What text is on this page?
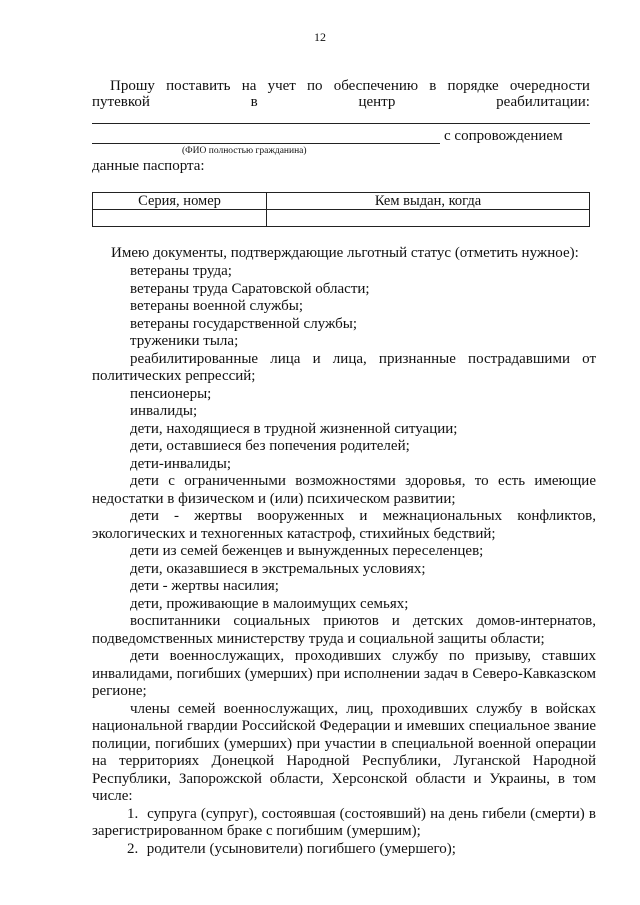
12
Прошу поставить на учет по обеспечению в порядке очередности
путевкой	в	центр	реабилитации:
с сопровождением
(ФИО полностью гражданина)
данные паспорта:
Серия, номер	Кем выдан, когда

Имею документы, подтверждающие льготный статус (отметить нужное):
ветераны труда;
ветераны труда Саратовской области;
ветераны военной службы;
ветераны государственной службы;
труженики тыла;
реабилитированные лица и лица, признанные пострадавшими от политических репрессий;
пенсионеры;
инвалиды;
дети, находящиеся в трудной жизненной ситуации;
дети, оставшиеся без попечения родителей;
дети-инвалиды;
дети с ограниченными возможностями здоровья, то есть имеющие недостатки в физическом и (или) психическом развитии;
дети - жертвы вооруженных и межнациональных конфликтов, экологических и техногенных катастроф, стихийных бедствий;
дети из семей беженцев и вынужденных переселенцев;
дети, оказавшиеся в экстремальных условиях;
дети - жертвы насилия;
дети, проживающие в малоимущих семьях;
воспитанники социальных приютов и детских домов-интернатов, подведомственных министерству труда и социальной защиты области;
дети военнослужащих, проходивших службу по призыву, ставших инвалидами, погибших (умерших) при исполнении задач в Северо-Кавказском регионе;
члены семей военнослужащих, лиц, проходивших службу в войсках национальной гвардии Российской Федерации и имевших специальное звание полиции, погибших (умерших) при участии в специальной военной операции на территориях Донецкой Народной Республики, Луганской Народной Республики, Запорожской области, Херсонской области и Украины, в том числе:
1. супруга (супруг), состоявшая (состоявший) на день гибели (смерти) в зарегистрированном браке с погибшим (умершим);
2. родители (усыновители) погибшего (умершего);
